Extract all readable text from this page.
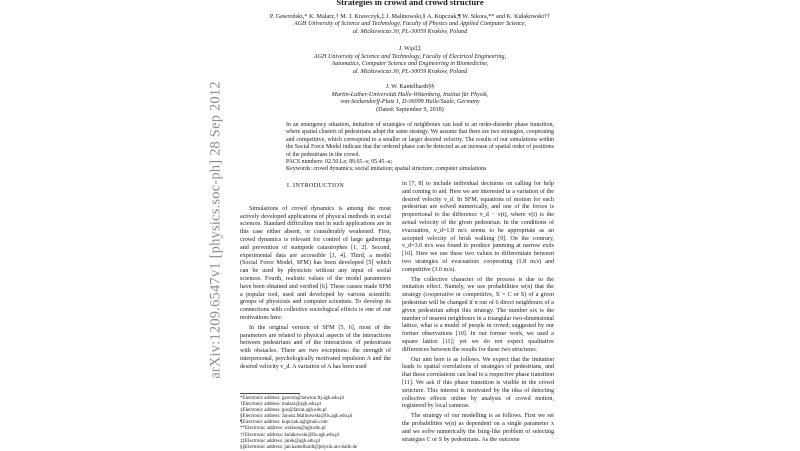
arXiv:1209.6547v1 [physics.soc-ph] 28 Sep 2012
Strategies in crowd and crowd structure
P. Gawroński,* K. Malarz,† M. J. Krawczyk,‡ J. Malinowski,§ A. Kupczak,¶ W. Sikora,** and K. Kułakowski††
AGH University of Science and Technology, Faculty of Physics and Applied Computer Science,
al. Mickiewicza 30, PL-30059 Kraków, Poland
J. Wąs‡‡
AGH University of Science and Technology, Faculty of Electrical Engineering,
Automatics, Computer Science and Engineering in Biomedicine,
al. Mickiewicza 30, PL-30059 Kraków, Poland
J. W. Kantelhardt§§
Martin-Luther-Universität Halle-Wittenberg, Institut für Physik,
von-Seckendorff-Platz 1, D-06099 Halle/Saale, Germany
(Dated: September 9, 2018)
In an emergency situation, imitation of strategies of neighbours can lead to an order-disorder phase transition, where spatial clusters of pedestrians adopt the same strategy. We assume that there are two strategies, cooperating and competitive, which correspond to a smaller or larger desired velocity. The results of our simulations within the Social Force Model indicate that the ordered phase can be detected as an increase of spatial order of positions of the pedestrians in the crowd.
PACS numbers: 02.50.Le; 89.65.-s; 05.45.-a;
Keywords: crowd dynamics; social imitation; spatial structure; computer simulations
I. INTRODUCTION

Simulations of crowd dynamics is among the most actively developed applications of physical methods in social sciences. Standard difficulties met in such applications are in this case either absent, or considerably weakened. First, crowd dynamics is relevant for control of large gatherings and prevention of stampede catastrophes [1, 2]. Second, experimental data are accessible [3, 4]. Third, a model (Social Force Model, SFM) has been developed [5] which can be used by physicists without any input of social sciences. Fourth, realistic values of the model parameters have been obtained and verified [6]. These causes made SFM a popular tool, used and developed by various scientific groups of physicists and computer scientists. To develop its connections with collective sociological effects is one of our motivations here.

In the original version of SFM [5, 6], most of the parameters are related to physical aspects of the interactions between pedestrians and of the interactions of pedestrians with obstacles. There are two exceptions: the strength of interpersonal, psychologically motivated repulsion A and the desired velocity v_d. A variation of A has been used

*Electronic address: gawron@newton.ftj.agh.edu.pl
†Electronic address: malarz@agh.edu.pl
‡Electronic address: gos@fatcat.agh.edu.pl
§Electronic address: Janusz.Malinowski@fis.agh.edu.pl
¶Electronic address: kupczak.a@gmail.com
**Electronic address: wsikora@agh.edu.pl
††Electronic address: kulakowski@fis.agh.edu.pl
‡‡Electronic address: jarek@agh.edu.pl
§§Electronic address: jan.kantelhardt@physik.uni-halle.de

in [7, 8] to include individual decisions on calling for help and coming to aid. Here we are interested in a variation of the desired velocity v_d. In SFM, equations of motion for each pedestrian are solved numerically, and one of the forces is proportional to the difference v_d − v(t), where v(t) is the actual velocity of the given pedestrian. In the conditions of evacuation, v_d=1.8 m/s seems to be appropriate as an accepted velocity of brisk walking [9]. On the contrary, v_d=3.0 m/s was found to produce jamming at narrow exits [10]. Here we use these two values to differentiate between two strategies of evacuation: cooperating (1.8 m/s) and competitive (3.0 m/s).

The collective character of the process is due to the imitation effect. Namely, we use probabilities w(n) that the strategy (cooperative or competitive, X = C or S) of a given pedestrian will be changed if n out of 6 direct neighbours of a given pedestrian adopt this strategy. The number six is the number of nearest neighbours in a triangular two-dimensional lattice, what is a model of people in crowd; suggested by our former observations [10]. In our former work, we used a square lattice [11]; yet we do not expect qualitative differences between the results for these two structures.

Our aim here is as follows. We expect that the imitation leads to spatial correlations of strategies of pedestrians, and that these correlations can lead to a respective phase transition [11]. We ask if this phase transition is visible in the crowd structure. This interest is motivated by the idea of detecting collective effects online by analysis of crowd motion, registered by local cameras.

The strategy of our modelling is as follows. First we set the probabilities w(n) as dependent on a single parameter x and we solve numerically the Ising-like problem of selecting strategies C or S by pedestrians. As the outcome
